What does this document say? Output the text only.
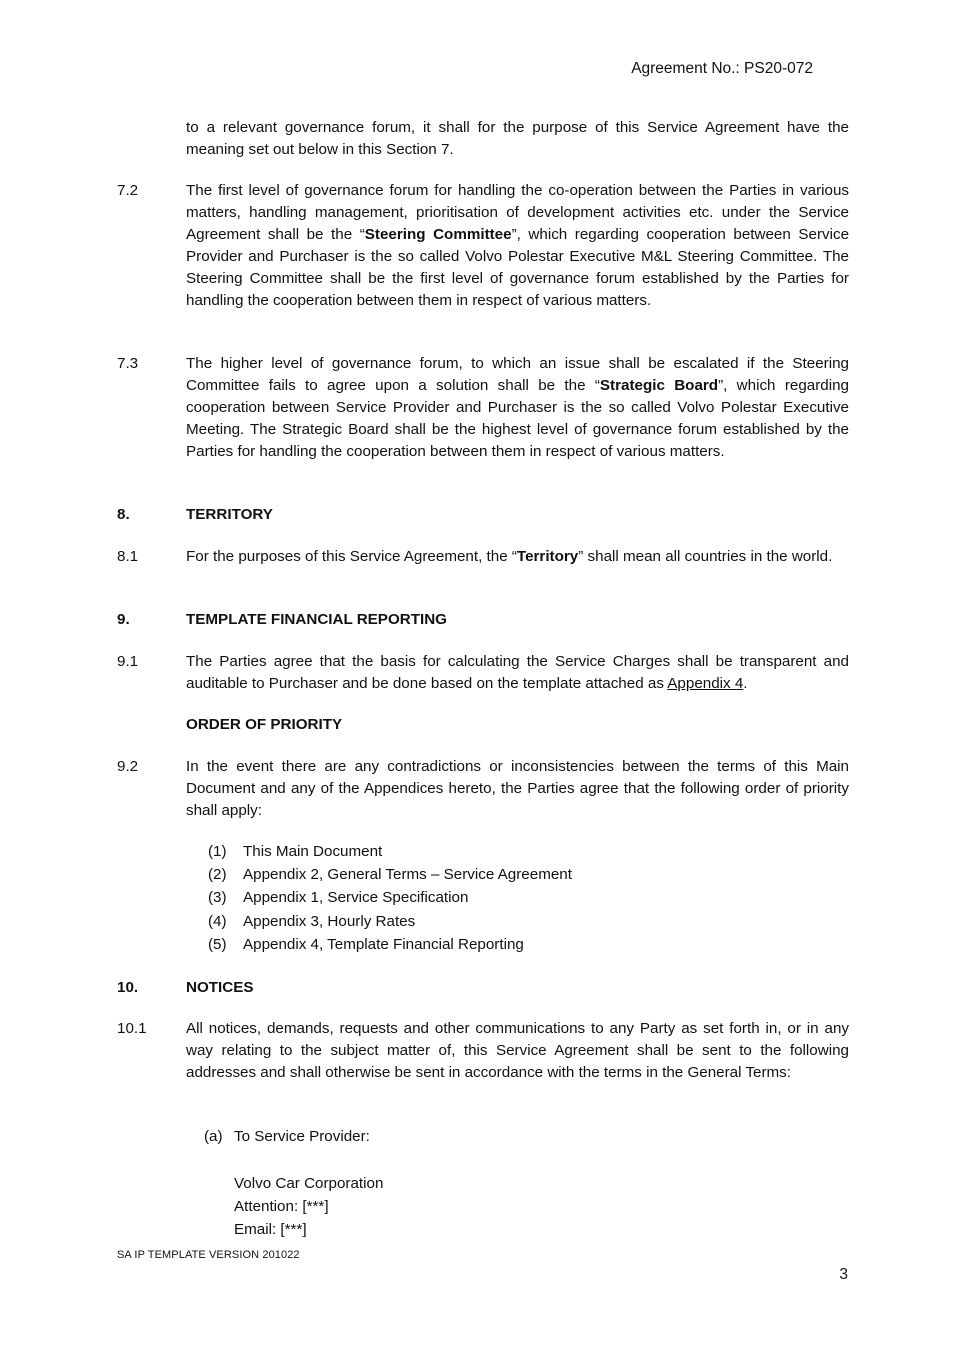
Agreement No.: PS20-072
to a relevant governance forum, it shall for the purpose of this Service Agreement have the meaning set out below in this Section 7.
7.2	The first level of governance forum for handling the co-operation between the Parties in various matters, handling management, prioritisation of development activities etc. under the Service Agreement shall be the “Steering Committee”, which regarding cooperation between Service Provider and Purchaser is the so called Volvo Polestar Executive M&L Steering Committee. The Steering Committee shall be the first level of governance forum established by the Parties for handling the cooperation between them in respect of various matters.
7.3	The higher level of governance forum, to which an issue shall be escalated if the Steering Committee fails to agree upon a solution shall be the “Strategic Board”, which regarding cooperation between Service Provider and Purchaser is the so called Volvo Polestar Executive Meeting. The Strategic Board shall be the highest level of governance forum established by the Parties for handling the cooperation between them in respect of various matters.
8.	TERRITORY
8.1	For the purposes of this Service Agreement, the “Territory” shall mean all countries in the world.
9.	TEMPLATE FINANCIAL REPORTING
9.1	The Parties agree that the basis for calculating the Service Charges shall be transparent and auditable to Purchaser and be done based on the template attached as Appendix 4.
ORDER OF PRIORITY
9.2	In the event there are any contradictions or inconsistencies between the terms of this Main Document and any of the Appendices hereto, the Parties agree that the following order of priority shall apply:
(1) This Main Document
(2) Appendix 2, General Terms – Service Agreement
(3) Appendix 1, Service Specification
(4) Appendix 3, Hourly Rates
(5) Appendix 4, Template Financial Reporting
10.	NOTICES
10.1	All notices, demands, requests and other communications to any Party as set forth in, or in any way relating to the subject matter of, this Service Agreement shall be sent to the following addresses and shall otherwise be sent in accordance with the terms in the General Terms:
(a) To Service Provider:
Volvo Car Corporation
Attention: [***]
Email: [***]
SA IP TEMPLATE VERSION 201022
3
